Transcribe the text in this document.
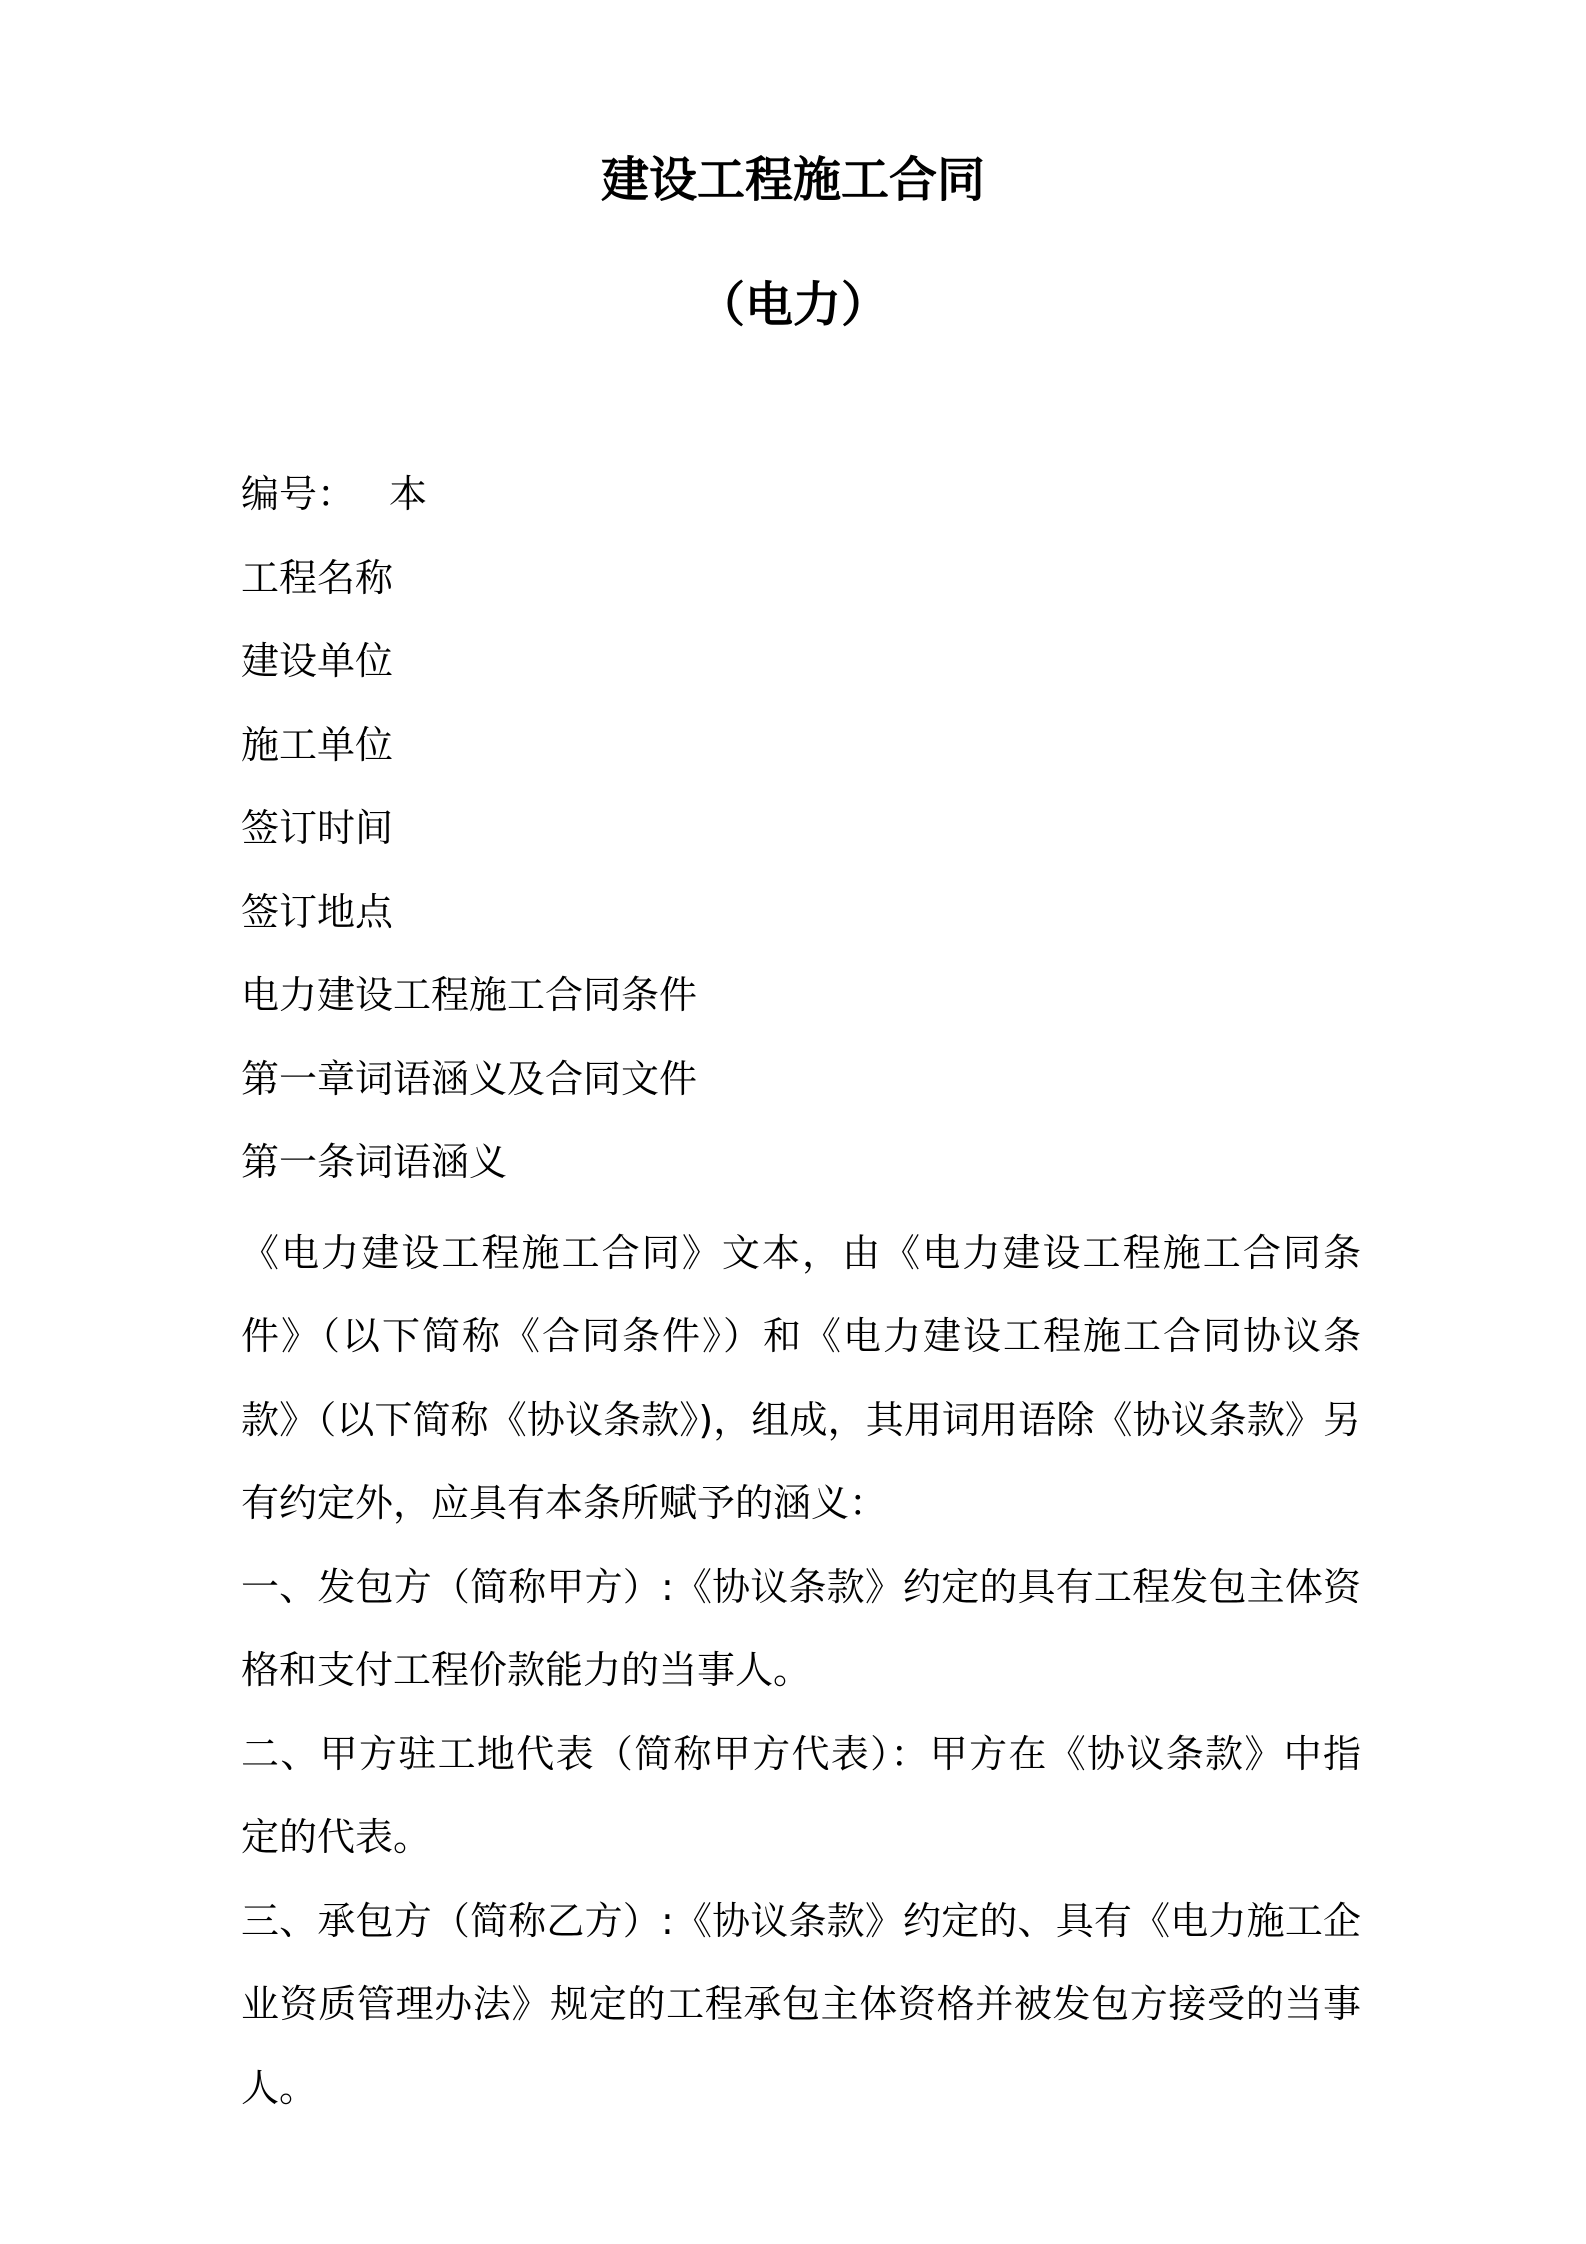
建设工程施工合同
（电力）
编号： 本
工程名称
建设单位
施工单位
签订时间
签订地点
电力建设工程施工合同条件
第一章词语涵义及合同文件
第一条词语涵义

《电力建设工程施工合同》文本，由《电力建设工程施工合同条件》（以下简称《合同条件》）和《电力建设工程施工合同协议条款》（以下简称《协议条款》)，组成，其用词用语除《协议条款》另有约定外，应具有本条所赋予的涵义：

一、发包方（简称甲方）:《协议条款》约定的具有工程发包主体资格和支付工程价款能力的当事人。

二、甲方驻工地代表（简称甲方代表）：甲方在《协议条款》中指定的代表。

三、承包方（简称乙方）:《协议条款》约定的、具有《电力施工企业资质管理办法》规定的工程承包主体资格并被发包方接受的当事人。
